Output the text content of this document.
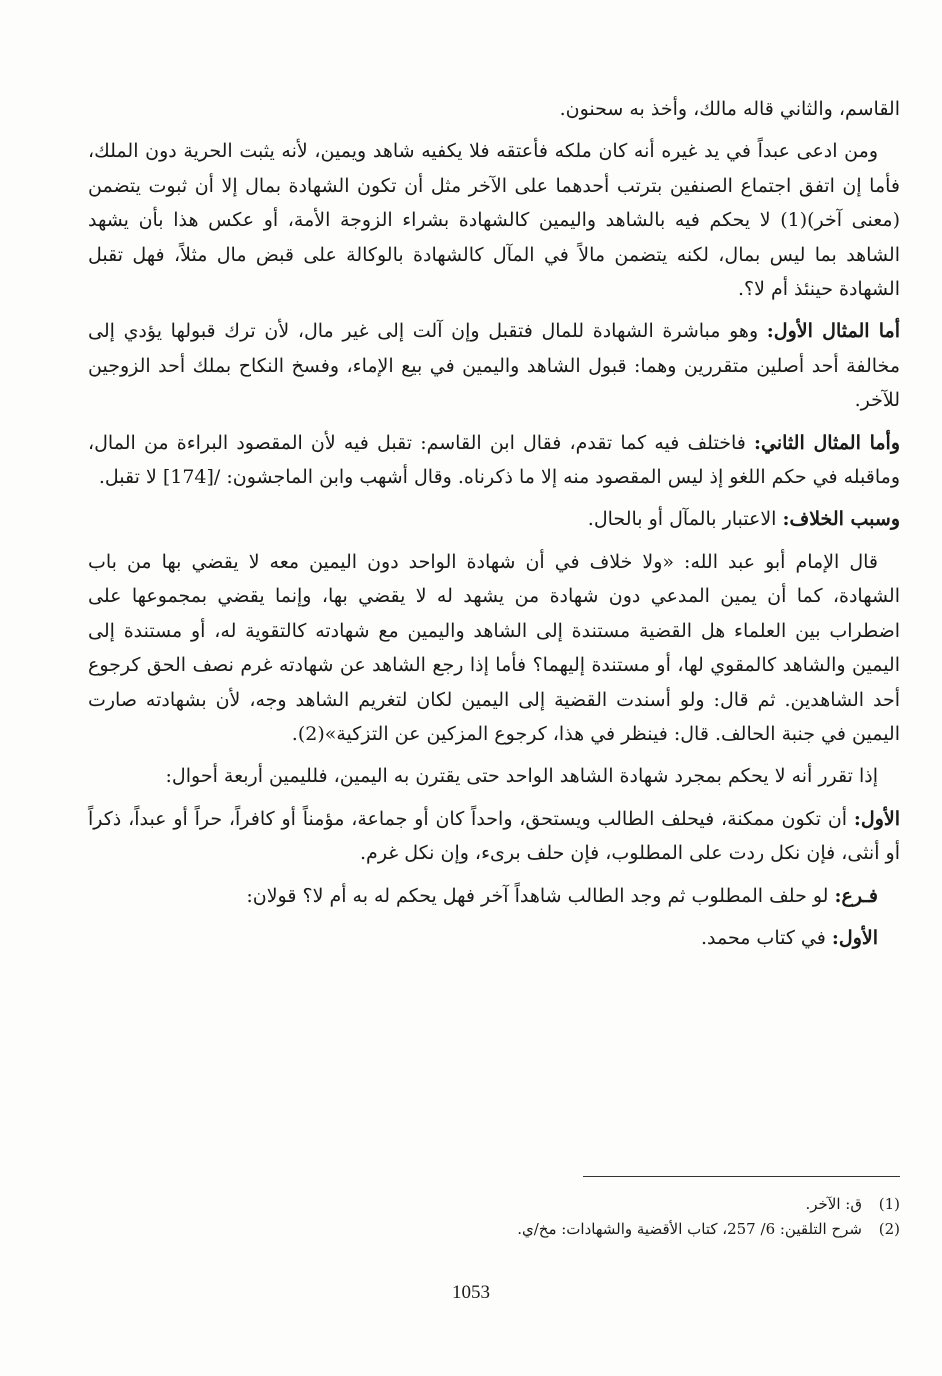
القاسم، والثاني قاله مالك، وأخذ به سحنون.

ومن ادعى عبداً في يد غيره أنه كان ملكه فأعتقه فلا يكفيه شاهد ويمين، لأنه يثبت الحرية دون الملك، فأما إن اتفق اجتماع الصنفين بترتب أحدهما على الآخر مثل أن تكون الشهادة بمال إلا أن ثبوت يتضمن (معنى آخر)(1) لا يحكم فيه بالشاهد واليمين كالشهادة بشراء الزوجة الأمة، أو عكس هذا بأن يشهد الشاهد بما ليس بمال، لكنه يتضمن مالاً في المآل كالشهادة بالوكالة على قبض مال مثلاً، فهل تقبل الشهادة حينئذ أم لا؟.

أما المثال الأول: وهو مباشرة الشهادة للمال فتقبل وإن آلت إلى غير مال، لأن ترك قبولها يؤدي إلى مخالفة أحد أصلين متقررين وهما: قبول الشاهد واليمين في بيع الإماء، وفسخ النكاح بملك أحد الزوجين للآخر.

وأما المثال الثاني: فاختلف فيه كما تقدم، فقال ابن القاسم: تقبل فيه لأن المقصود البراءة من المال، وماقبله في حكم اللغو إذ ليس المقصود منه إلا ما ذكرناه. وقال أشهب وابن الماجشون: /[174] لا تقبل.

وسبب الخلاف: الاعتبار بالمآل أو بالحال.

قال الإمام أبو عبد الله: «ولا خلاف في أن شهادة الواحد دون اليمين معه لا يقضي بها من باب الشهادة، كما أن يمين المدعي دون شهادة من يشهد له لا يقضي بها، وإنما يقضي بمجموعها على اضطراب بين العلماء هل القضية مستندة إلى الشاهد واليمين مع شهادته كالتقوية له، أو مستندة إلى اليمين والشاهد كالمقوي لها، أو مستندة إليهما؟ فأما إذا رجع الشاهد عن شهادته غرم نصف الحق كرجوع أحد الشاهدين. ثم قال: ولو أسندت القضية إلى اليمين لكان لتغريم الشاهد وجه، لأن بشهادته صارت اليمين في جنبة الحالف. قال: فينظر في هذا، كرجوع المزكين عن التزكية»(2).

إذا تقرر أنه لا يحكم بمجرد شهادة الشاهد الواحد حتى يقترن به اليمين، فلليمين أربعة أحوال:

الأول: أن تكون ممكنة، فيحلف الطالب ويستحق، واحداً كان أو جماعة، مؤمناً أو كافراً، حراً أو عبداً، ذكراً أو أنثى، فإن نكل ردت على المطلوب، فإن حلف برىء، وإن نكل غرم.

فـرع: لو حلف المطلوب ثم وجد الطالب شاهداً آخر فهل يحكم له به أم لا؟ قولان:

الأول: في كتاب محمد.

(1)
ق: الآخر.
(2)
شرح التلقين: 6/ 257، كتاب الأقضية والشهادات: مخ/ي.
1053
